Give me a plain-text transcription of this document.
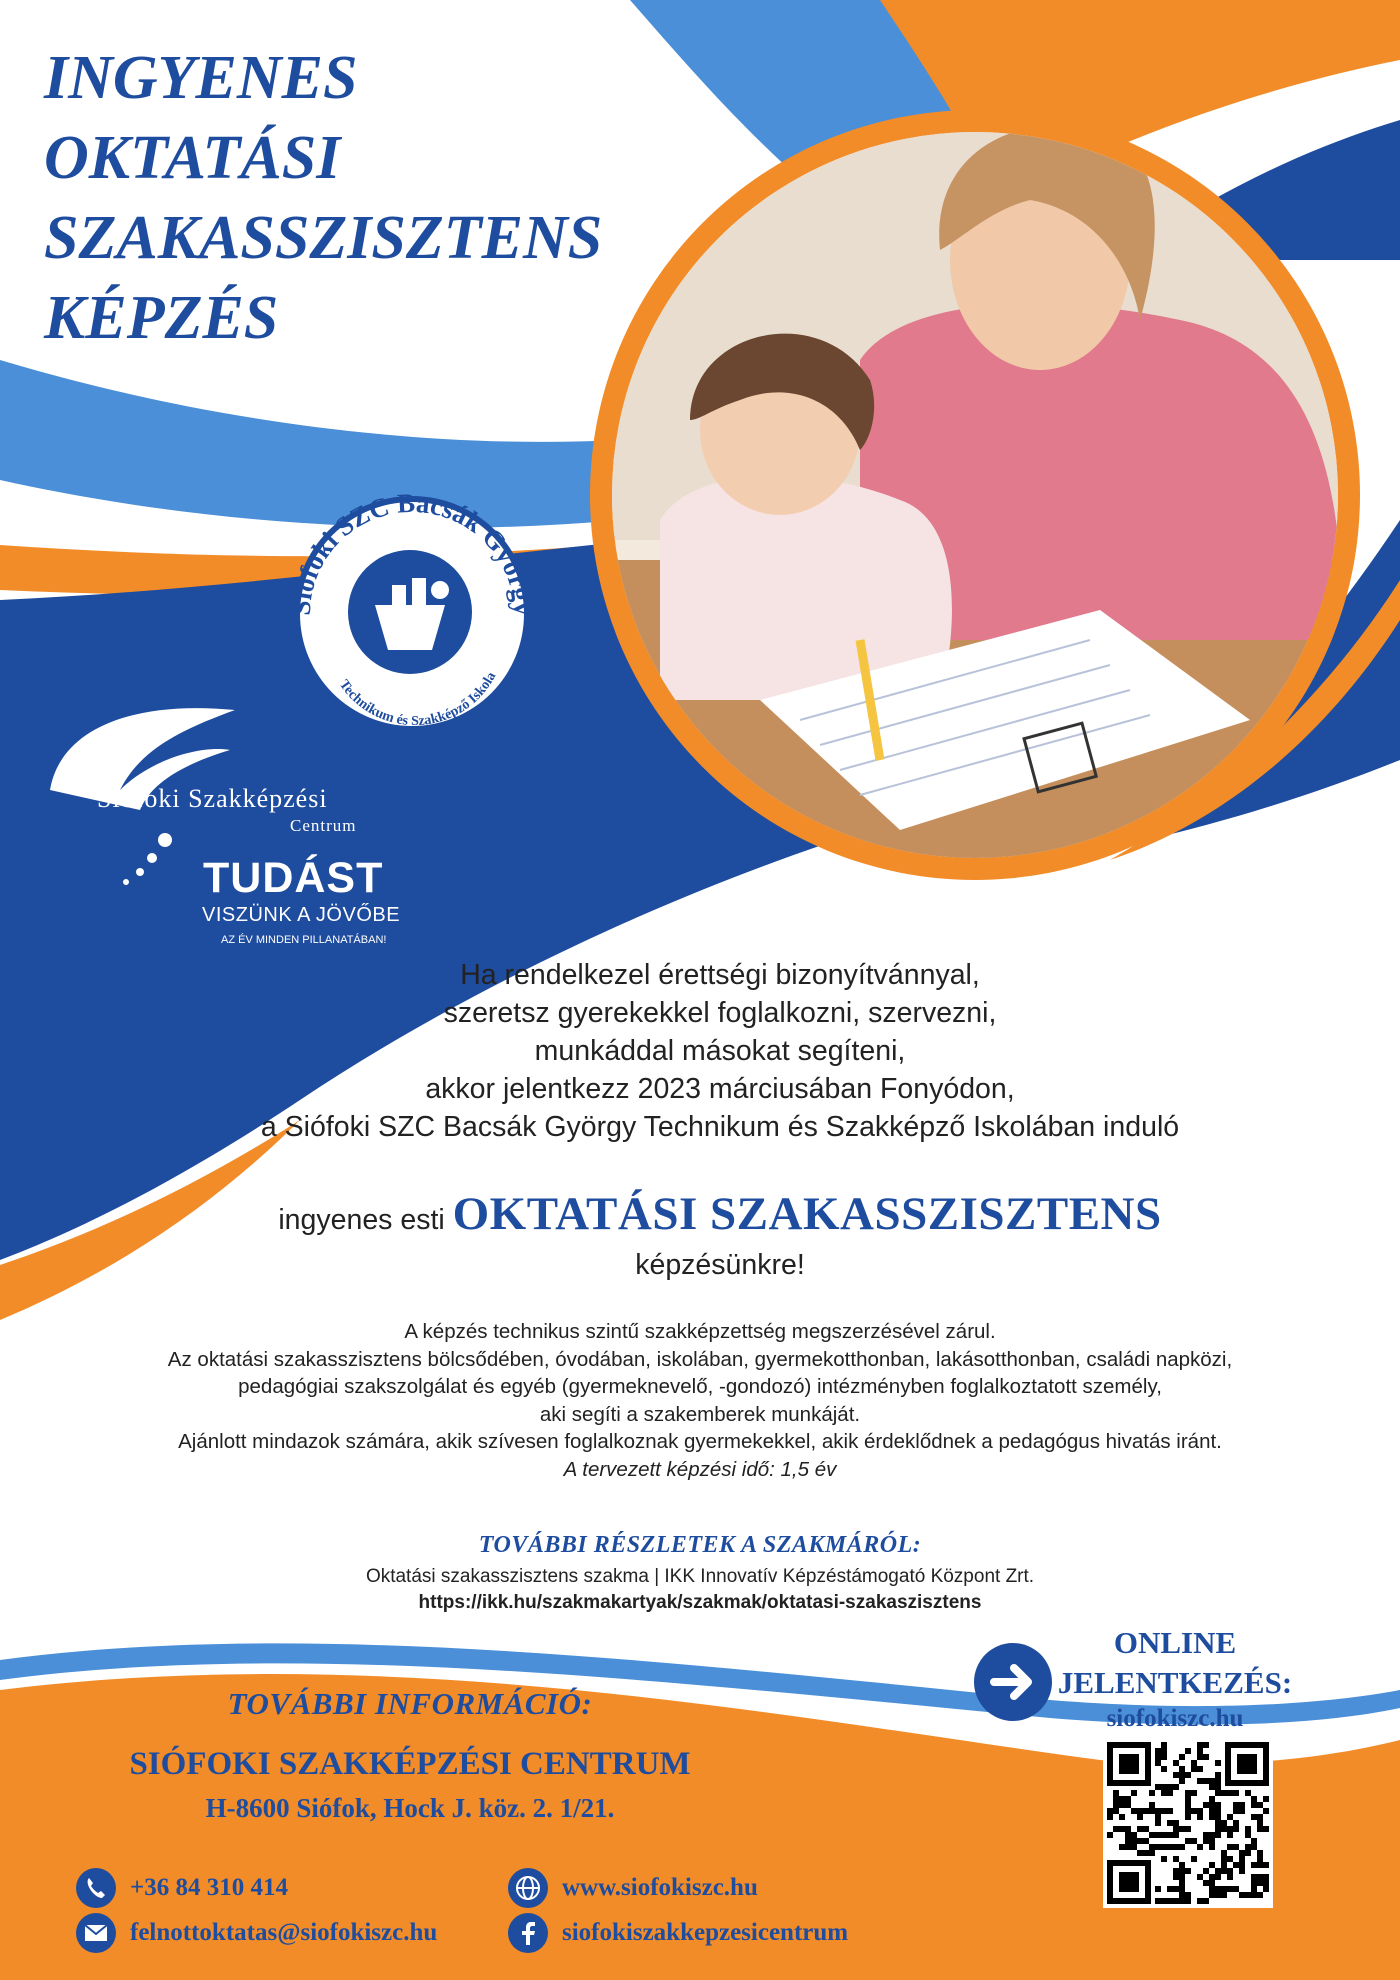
Siófoki SZC Bacsák György
Technikum és Szakképző Iskola
INGYENES
OKTATÁSI
SZAKASSZISZTENS
KÉPZÉS
Siófoki Szakképzési
Centrum
TUDÁST
VISZÜNK A JÖVŐBE
AZ ÉV MINDEN PILLANATÁBAN!
Ha rendelkezel érettségi bizonyítvánnyal,
szeretsz gyerekekkel foglalkozni, szervezni,
munkáddal másokat segíteni,
akkor jelentkezz 2023 márciusában Fonyódon,
a Siófoki SZC Bacsák György Technikum és Szakképző Iskolában induló
ingyenes esti OKTATÁSI SZAKASSZISZTENS
képzésünkre!
A képzés technikus szintű szakképzettség megszerzésével zárul.
Az oktatási szakasszisztens bölcsődében, óvodában, iskolában, gyermekotthonban, lakásotthonban, családi napközi,
pedagógiai szakszolgálat és egyéb (gyermeknevelő, -gondozó) intézményben foglalkoztatott személy,
aki segíti a szakemberek munkáját.
Ajánlott mindazok számára, akik szívesen foglalkoznak gyermekekkel, akik érdeklődnek a pedagógus hivatás iránt.
A tervezett képzési idő: 1,5 év
TOVÁBBI RÉSZLETEK A SZAKMÁRÓL:
Oktatási szakasszisztens szakma | IKK Innovatív Képzéstámogató Központ Zrt.
https://ikk.hu/szakmakartyak/szakmak/oktatasi-szakaszisztens
TOVÁBBI INFORMÁCIÓ:
SIÓFOKI SZAKKÉPZÉSI CENTRUM
H-8600 Siófok, Hock J. köz. 2. 1/21.
ONLINE
JELENTKEZÉS:
siofokiszc.hu
+36 84 310 414
felnottoktatas@siofokiszc.hu
www.siofokiszc.hu
siofokiszakkepzesicentrum
